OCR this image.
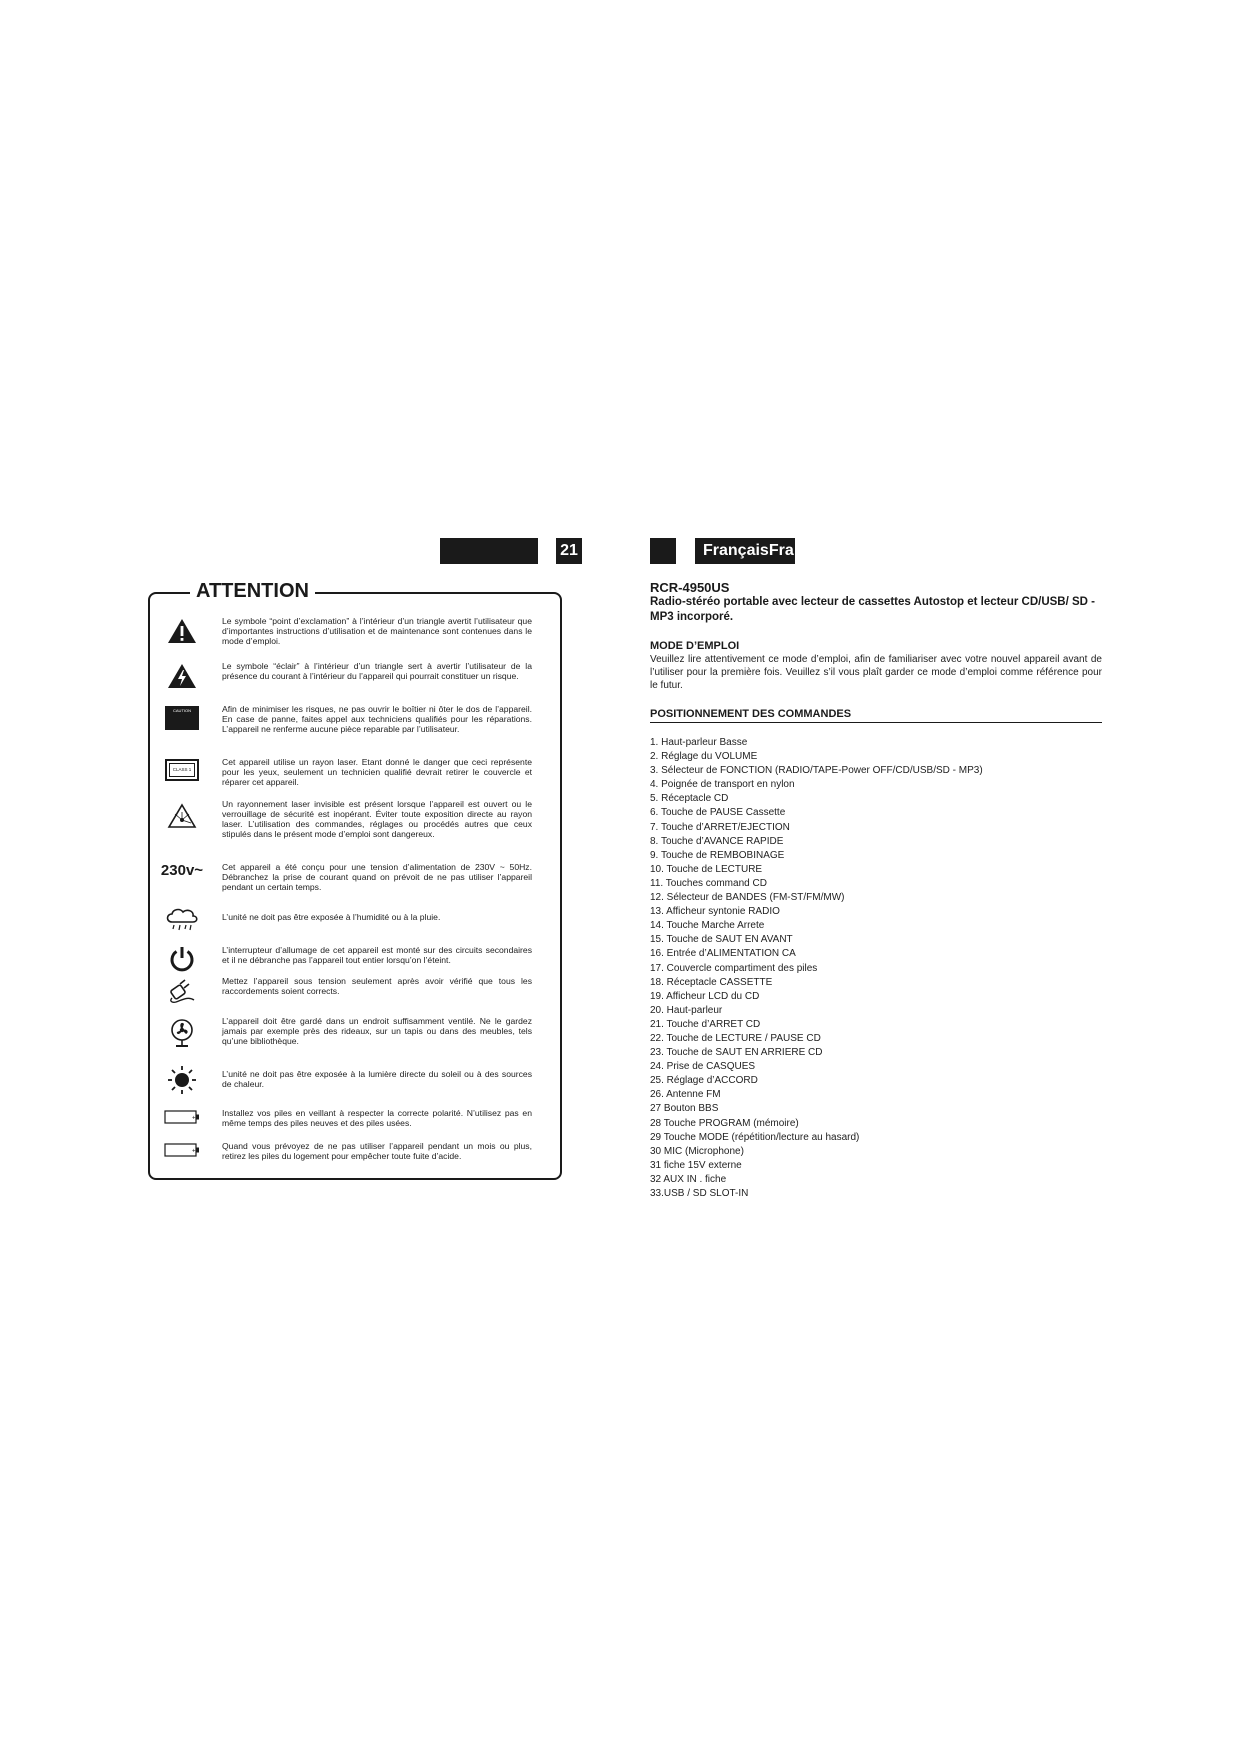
21	FrançaisFra
ATTENTION
Le symbole “point d’exclamation” à l’intérieur d’un triangle avertit l’utilisateur que d’importantes instructions d’utilisation et de maintenance sont contenues dans le mode d’emploi.
Le symbole “éclair” à l’intérieur d’un triangle sert à avertir l’utilisateur de la présence du courant à l’intérieur du l’appareil qui pourrait constituer un risque.
CAUTION	Afin de minimiser les risques, ne pas ouvrir le boîtier ni ôter le dos de l’appareil. En case de panne, faites appel aux techniciens qualifiés pour les réparations. L’appareil ne renferme aucune pièce reparable par l’utilisateur.
CLASS 1
Cet appareil utilise un rayon laser. Etant donné le danger que ceci représente pour les yeux, seulement un technicien qualifié devrait retirer le couvercle et réparer cet appareil.
Un rayonnement laser invisible est présent lorsque l’appareil est ouvert ou le verrouillage de sécurité est inopérant. Éviter toute exposition directe au rayon laser. L’utilisation des commandes, réglages ou procédés autres que ceux stipulés dans le présent mode d’emploi sont dangereux.
230v~ Cet appareil a été conçu pour une tension d’alimentation de 230V ~ 50Hz. Débranchez la prise de courant quand on prévoit de ne pas utiliser l’appareil pendant un certain temps.
L’unité ne doit pas être exposée à l’humidité ou à la pluie.
L’interrupteur d’allumage de cet appareil est monté sur des circuits secondaires et il ne débranche pas l’appareil tout entier lorsqu’on l’éteint.
Mettez l’appareil sous tension seulement après avoir vérifié que tous les raccordements soient corrects.
L’appareil doit être gardé dans un endroit suffisamment ventilé. Ne le gardez jamais par exemple près des rideaux, sur un tapis ou dans des meubles, tels qu’une bibliothèque.
L’unité ne doit pas être exposée à la lumière directe du soleil ou à des sources de chaleur.
+
Installez vos piles en veillant à respecter la correcte polarité. N’utilisez pas en même temps des piles neuves et des piles usées.
+
Quand vous prévoyez de ne pas utiliser l’appareil pendant un mois ou plus, retirez les piles du logement pour empêcher toute fuite d’acide.
RCR-4950US
Radio-stéréo portable avec lecteur de cassettes Autostop et lecteur CD/USB/ SD - MP3 incorporé.
MODE D’EMPLOI
Veuillez lire attentivement ce mode d’emploi, afin de familiariser avec votre nouvel appareil avant de l’utiliser pour la première fois. Veuillez s’il vous plaît garder ce mode d’emploi comme référence pour le futur.
POSITIONNEMENT DES COMMANDES
1. Haut-parleur Basse
2. Réglage du VOLUME
3. Sélecteur de FONCTION (RADIO/TAPE-Power OFF/CD/USB/SD - MP3)
4. Poignée de transport en nylon
5. Réceptacle CD
6. Touche de PAUSE Cassette
7. Touche d’ARRET/EJECTION
8. Touche d’AVANCE RAPIDE
9. Touche de REMBOBINAGE
10. Touche de LECTURE
11. Touches command CD
12. Sélecteur de BANDES (FM-ST/FM/MW)
13. Afficheur syntonie RADIO
14. Touche Marche Arrete
15. Touche de SAUT EN AVANT
16. Entrée d’ALIMENTATION CA
17. Couvercle compartiment des piles
18. Réceptacle CASSETTE
19. Afficheur LCD du CD
20. Haut-parleur
21. Touche d’ARRET CD
22. Touche de LECTURE / PAUSE CD
23. Touche de SAUT EN ARRIERE CD
24. Prise de CASQUES
25. Réglage d’ACCORD
26. Antenne FM
27 Bouton BBS
28 Touche PROGRAM (mémoire)
29 Touche MODE (répétition/lecture au hasard)
30 MIC (Microphone)
31 fiche 15V externe
32 AUX IN . fiche
33.USB / SD SLOT-IN
